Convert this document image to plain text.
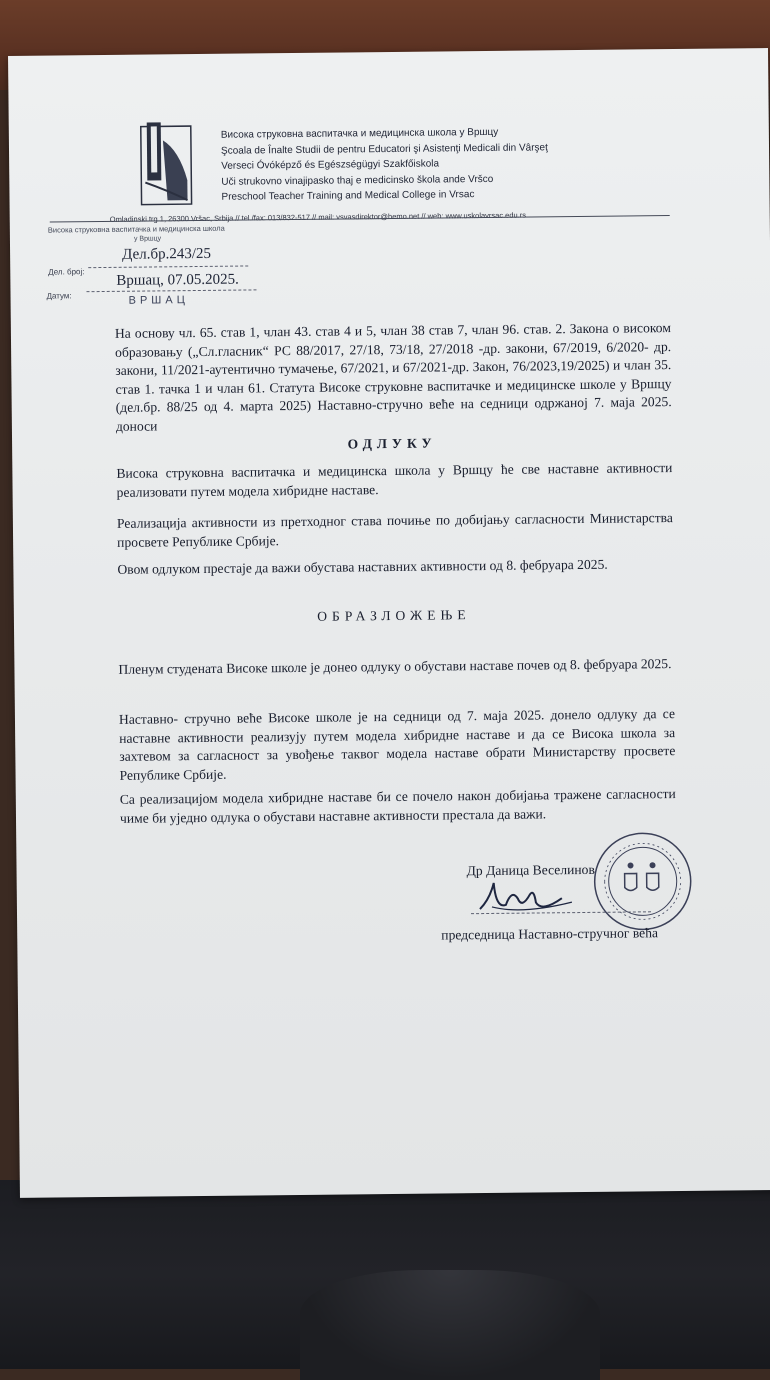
Висока струковна васпитачка и медицинска школа у Вршцу
Şcoala de Înalte Studii de pentru Educatori şi Asistenţi Medicali din Vârşeţ
Verseci Óvóképző és Egészségügyi Szakfőiskola
Uči strukovno vinajipasko thaj e medicinsko škola ande Vršco
Preschool Teacher Training and Medical College in Vrsac
Omladinski trg 1, 26300 Vršac, Srbija // tel./fax: 013/832-517 // mail: vsvasdirektor@hemo.net // web: www.uskolavrsac.edu.rs
Висока струковна васпитачка и медицинска школа
у Вршцу
Дел. број:
Дел.бр.243/25
Датум:
Вршац, 07.05.2025.
ВРШАЦ
На основу чл. 65. став 1, члан 43. став 4 и 5, члан 38 став 7, члан 96. став. 2. Закона о високом образовању („Сл.гласник“ РС 88/2017, 27/18, 73/18, 27/2018 -др. закони, 67/2019, 6/2020- др. закони, 11/2021-аутентично тумачење, 67/2021, и 67/2021-др. Закон, 76/2023,19/2025) и члан 35. став 1. тачка 1 и члан 61. Статута Високе струковне васпитачке и медицинске школе у Вршцу (дел.бр. 88/25 од 4. марта 2025) Наставно-стручно веће на седници одржаној 7. маја 2025. доноси
ОДЛУКУ
Висока струковна васпитачка и медицинска школа у Вршцу ће све наставне активности реализовати путем модела хибридне наставе.
Реализација активности из претходног става почиње по добијању сагласности Министарства просвете Републике Србије.
Овом одлуком престаје да важи обустава наставних активности од 8. фебруара 2025.
ОБРАЗЛОЖЕЊЕ
Пленум студената Високе школе је донео одлуку о обустави наставе почев од 8. фебруара 2025.
Наставно- стручно веће Високе школе је на седници од 7. маја 2025. донело одлуку да се наставне активности реализују путем модела хибридне наставе и да се Висока школа за захтевом за сагласност за увођење таквог модела наставе обрати Министарству просвете Републике Србије.
Са реализацијом модела хибридне наставе би се почело након добијања тражене сагласности чиме би уједно одлука о обустави наставне активности престала да важи.
Др Даница Веселинов
председница Наставно-стручног већа
